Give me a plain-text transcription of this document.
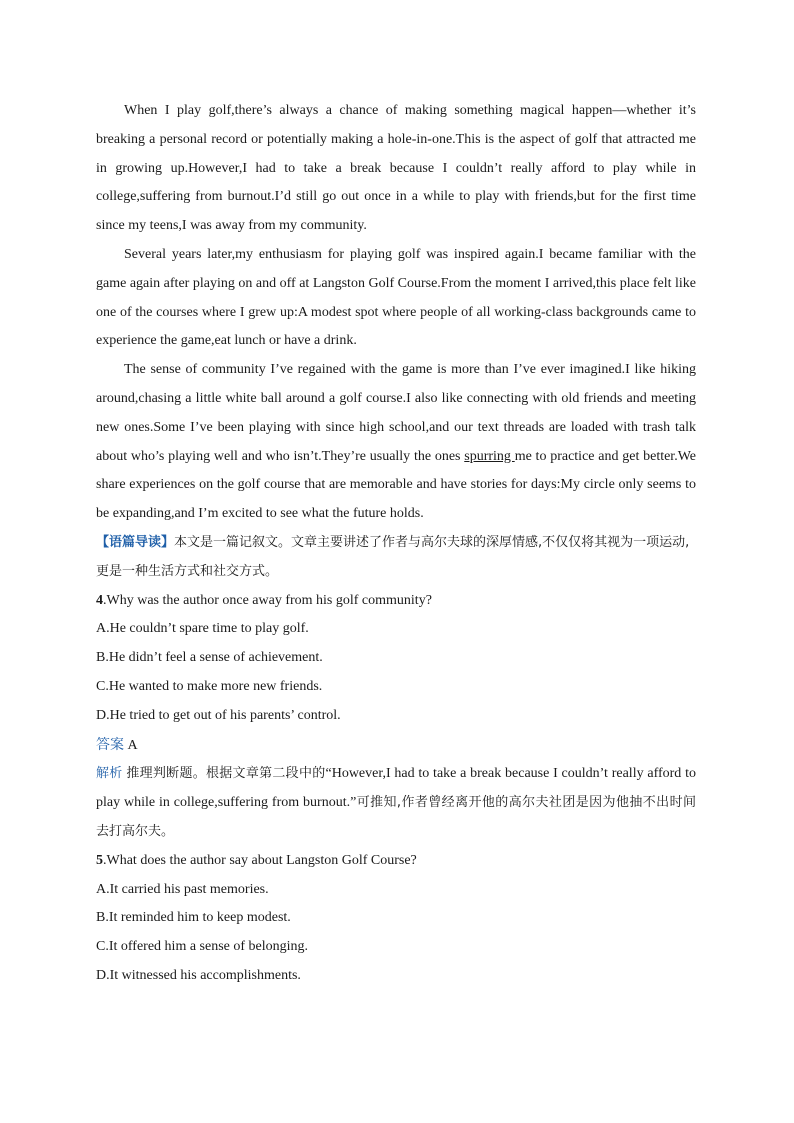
When I play golf,there’s always a chance of making something magical happen—whether it’s breaking a personal record or potentially making a hole-in-one.This is the aspect of golf that attracted me in growing up.However,I had to take a break because I couldn’t really afford to play while in college,suffering from burnout.I’d still go out once in a while to play with friends,but for the first time since my teens,I was away from my community.

Several years later,my enthusiasm for playing golf was inspired again.I became familiar with the game again after playing on and off at Langston Golf Course.From the moment I arrived,this place felt like one of the courses where I grew up:A modest spot where people of all working-class backgrounds came to experience the game,eat lunch or have a drink.

The sense of community I’ve regained with the game is more than I’ve ever imagined.I like hiking around,chasing a little white ball around a golf course.I also like connecting with old friends and meeting new ones.Some I’ve been playing with since high school,and our text threads are loaded with trash talk about who’s playing well and who isn’t.They’re usually the ones spurring me to practice and get better.We share experiences on the golf course that are memorable and have stories for days:My circle only seems to be expanding,and I’m excited to see what the future holds.

【语篇导读】本文是一篇记叙文。文章主要讲述了作者与高尔夫球的深厚情感,不仅仅将其视为一项运动,更是一种生活方式和社交方式。

4.Why was the author once away from his golf community?

A.He couldn’t spare time to play golf.

B.He didn’t feel a sense of achievement.

C.He wanted to make more new friends.

D.He tried to get out of his parents’ control.

答案 A

解析 推理判断题。根据文章第二段中的“However,I had to take a break because I couldn’t really afford to play while in college,suffering from burnout.”可推知,作者曾经离开他的高尔夫社团是因为他抽不出时间去打高尔夫。

5.What does the author say about Langston Golf Course?

A.It carried his past memories.

B.It reminded him to keep modest.

C.It offered him a sense of belonging.

D.It witnessed his accomplishments.
